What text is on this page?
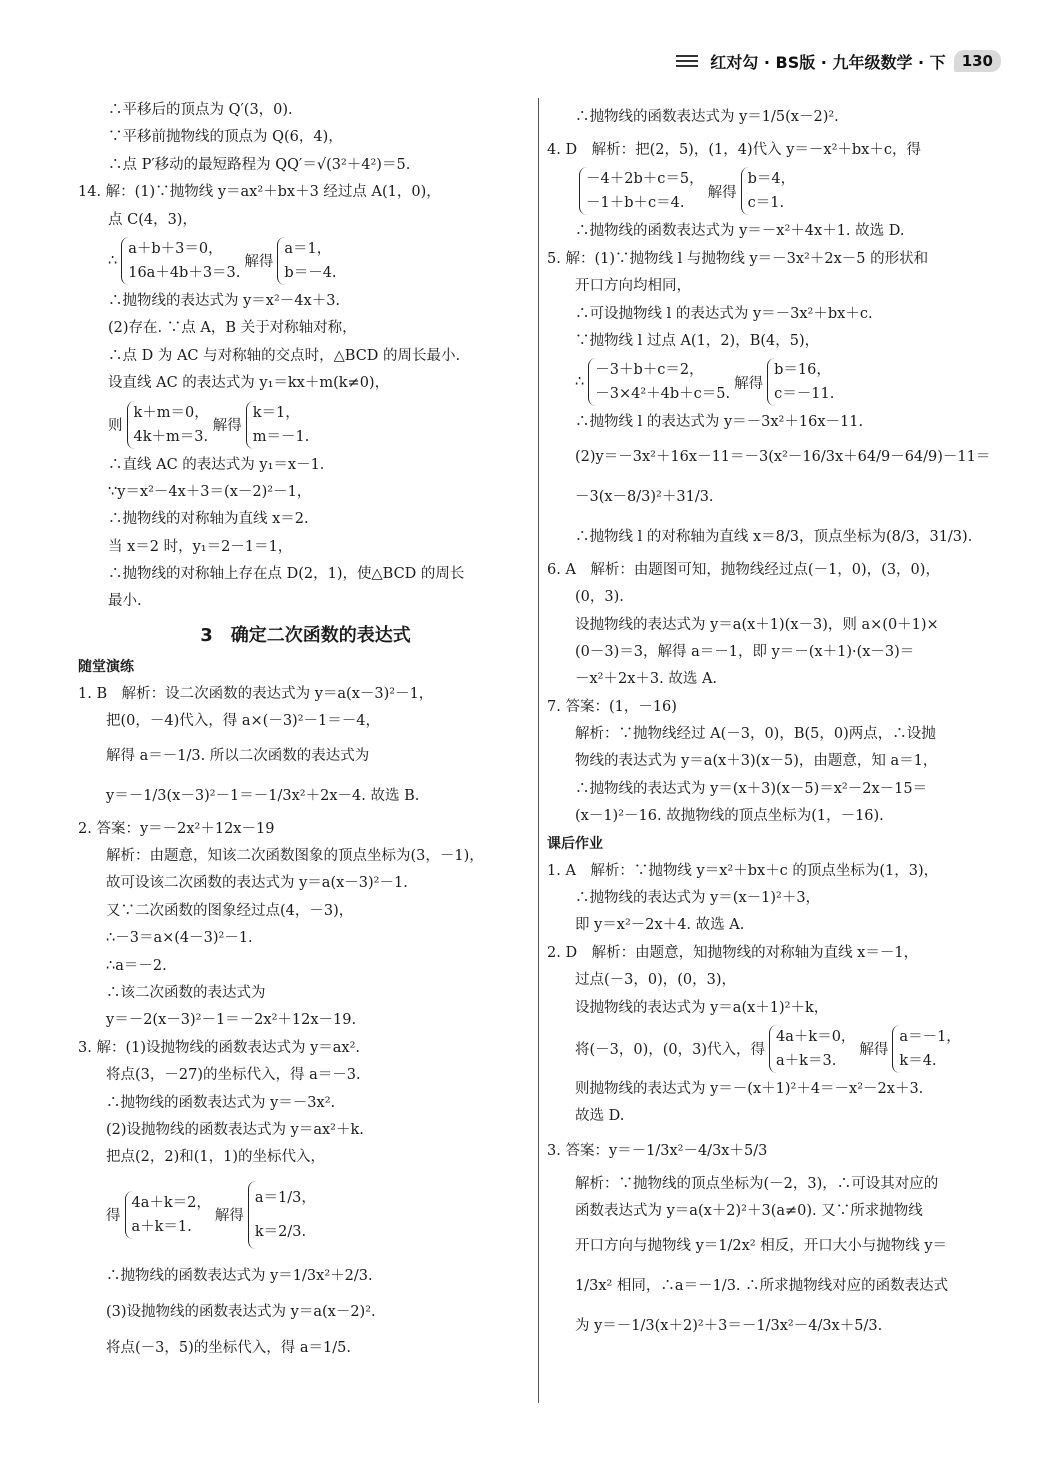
红对勾 · BS版 · 九年级数学 · 下	130
∴平移后的顶点为 Q′(3，0).
∵平移前抛物线的顶点为 Q(6，4)，
∴点 P′移动的最短路程为 QQ′＝√(3²＋4²)＝5.
14. 解：(1)∵抛物线 y＝ax²＋bx＋3 经过点 A(1，0)，
点 C(4，3)，
∴
a＋b＋3＝0，
16a＋4b＋3＝3.
解得
a＝1，
b＝－4.
∴抛物线的表达式为 y＝x²－4x＋3.
(2)存在. ∵点 A，B 关于对称轴对称，
∴点 D 为 AC 与对称轴的交点时，△BCD 的周长最小.
设直线 AC 的表达式为 y₁＝kx＋m(k≠0)，
则
k＋m＝0，
4k＋m＝3.
解得
k＝1，
m＝－1.
∴直线 AC 的表达式为 y₁＝x－1.
∵y＝x²－4x＋3＝(x－2)²－1，
∴抛物线的对称轴为直线 x＝2.
当 x＝2 时，y₁＝2－1＝1，
∴抛物线的对称轴上存在点 D(2，1)，使△BCD 的周长
最小.
3　确定二次函数的表达式
随堂演练
1. B　解析：设二次函数的表达式为 y＝a(x－3)²－1，
把(0，－4)代入，得 a×(－3)²－1＝－4，
解得 a＝－1/3. 所以二次函数的表达式为
y＝－1/3(x－3)²－1＝－1/3x²＋2x－4. 故选 B.
2. 答案：y＝－2x²＋12x－19
解析：由题意，知该二次函数图象的顶点坐标为(3，－1)，
故可设该二次函数的表达式为 y＝a(x－3)²－1.
又∵二次函数的图象经过点(4，－3)，
∴－3＝a×(4－3)²－1.
∴a＝－2.
∴该二次函数的表达式为
y＝－2(x－3)²－1＝－2x²＋12x－19.
3. 解：(1)设抛物线的函数表达式为 y＝ax².
将点(3，－27)的坐标代入，得 a＝－3.
∴抛物线的函数表达式为 y＝－3x².
(2)设抛物线的函数表达式为 y＝ax²＋k.
把点(2，2)和(1，1)的坐标代入，
得
4a＋k＝2，
a＋k＝1.
解得
a＝1/3，
k＝2/3.
∴抛物线的函数表达式为 y＝1/3x²＋2/3.
(3)设抛物线的函数表达式为 y＝a(x－2)².
将点(－3，5)的坐标代入，得 a＝1/5.
∴抛物线的函数表达式为 y＝1/5(x－2)².
4. D　解析：把(2，5)，(1，4)代入 y＝－x²＋bx＋c，得
－4＋2b＋c＝5，
－1＋b＋c＝4.
解得
b＝4，
c＝1.
∴抛物线的函数表达式为 y＝－x²＋4x＋1. 故选 D.
5. 解：(1)∵抛物线 l 与抛物线 y＝－3x²＋2x－5 的形状和
开口方向均相同，
∴可设抛物线 l 的表达式为 y＝－3x²＋bx＋c.
∵抛物线 l 过点 A(1，2)，B(4，5)，
∴
－3＋b＋c＝2，
－3×4²＋4b＋c＝5.
解得
b＝16，
c＝－11.
∴抛物线 l 的表达式为 y＝－3x²＋16x－11.
(2)y＝－3x²＋16x－11＝－3(x²－16/3x＋64/9－64/9)－11＝
－3(x－8/3)²＋31/3.
∴抛物线 l 的对称轴为直线 x＝8/3，顶点坐标为(8/3，31/3).
6. A　解析：由题图可知，抛物线经过点(－1，0)，(3，0)，
(0，3).
设抛物线的表达式为 y＝a(x＋1)(x－3)，则 a×(0＋1)×
(0－3)＝3，解得 a＝－1，即 y＝－(x＋1)·(x－3)＝
－x²＋2x＋3. 故选 A.
7. 答案：(1，－16)
解析：∵抛物线经过 A(－3，0)，B(5，0)两点，∴设抛
物线的表达式为 y＝a(x＋3)(x－5)，由题意，知 a＝1，
∴抛物线的表达式为 y＝(x＋3)(x－5)＝x²－2x－15＝
(x－1)²－16. 故抛物线的顶点坐标为(1，－16).
课后作业
1. A　解析：∵抛物线 y＝x²＋bx＋c 的顶点坐标为(1，3)，
∴抛物线的表达式为 y＝(x－1)²＋3，
即 y＝x²－2x＋4. 故选 A.
2. D　解析：由题意，知抛物线的对称轴为直线 x＝－1，
过点(－3，0)，(0，3)，
设抛物线的表达式为 y＝a(x＋1)²＋k，
将(－3，0)，(0，3)代入，得
4a＋k＝0，
a＋k＝3.
解得
a＝－1，
k＝4.
则抛物线的表达式为 y＝－(x＋1)²＋4＝－x²－2x＋3.
故选 D.
3. 答案：y＝－1/3x²－4/3x＋5/3
解析：∵抛物线的顶点坐标为(－2，3)，∴可设其对应的
函数表达式为 y＝a(x＋2)²＋3(a≠0). 又∵所求抛物线
开口方向与抛物线 y＝1/2x² 相反，开口大小与抛物线 y＝
1/3x² 相同，∴a＝－1/3. ∴所求抛物线对应的函数表达式
为 y＝－1/3(x＋2)²＋3＝－1/3x²－4/3x＋5/3.
